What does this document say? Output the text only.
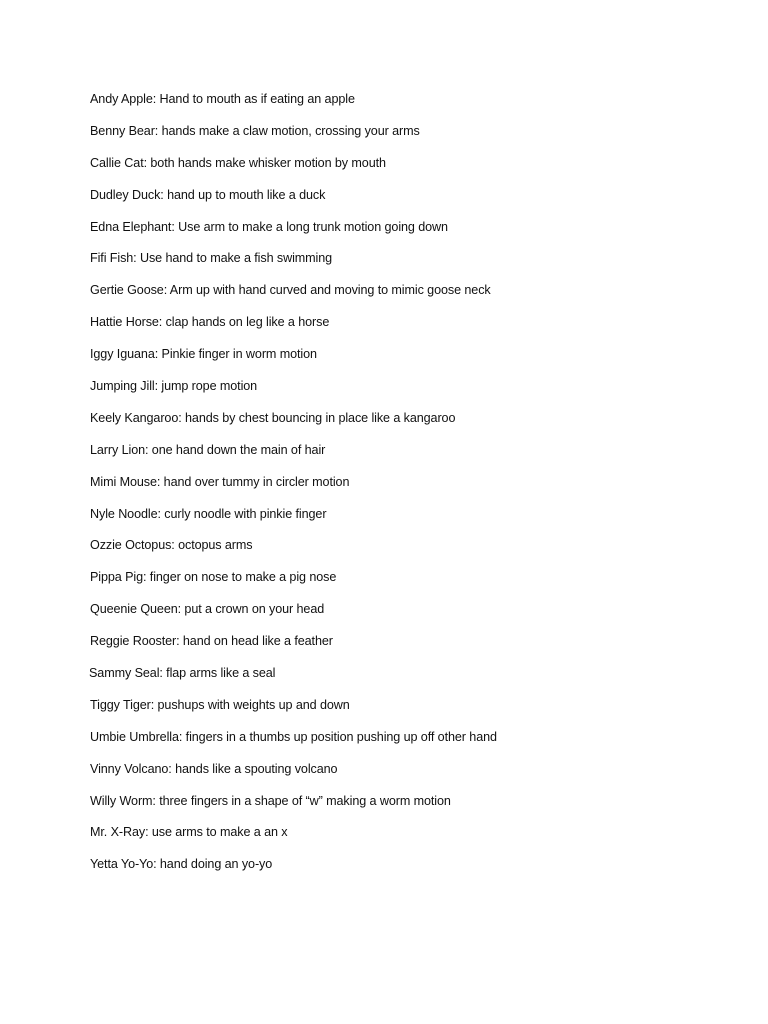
Andy Apple: Hand to mouth as if eating an apple
Benny Bear: hands make a claw motion, crossing your arms
Callie Cat: both hands make whisker motion by mouth
Dudley Duck: hand up to mouth like a duck
Edna Elephant: Use arm to make a long trunk motion going down
Fifi Fish: Use hand to make a fish swimming
Gertie Goose: Arm up with hand curved and moving to mimic goose neck
Hattie Horse: clap hands on leg like a horse
Iggy Iguana: Pinkie finger in worm motion
Jumping Jill: jump rope motion
Keely Kangaroo: hands by chest bouncing in place like a kangaroo
Larry Lion: one hand down the main of hair
Mimi Mouse: hand over tummy in circler motion
Nyle Noodle: curly noodle with pinkie finger
Ozzie Octopus: octopus arms
Pippa Pig: finger on nose to make a pig nose
Queenie Queen: put a crown on your head
Reggie Rooster: hand on head like a feather
Sammy Seal: flap arms like a seal
Tiggy Tiger: pushups with weights up and down
Umbie Umbrella: fingers in a thumbs up position pushing up off other hand
Vinny Volcano: hands like a spouting volcano
Willy Worm: three fingers in a shape of “w” making a worm motion
Mr. X-Ray: use arms to make a an x
Yetta Yo-Yo: hand doing an yo-yo
